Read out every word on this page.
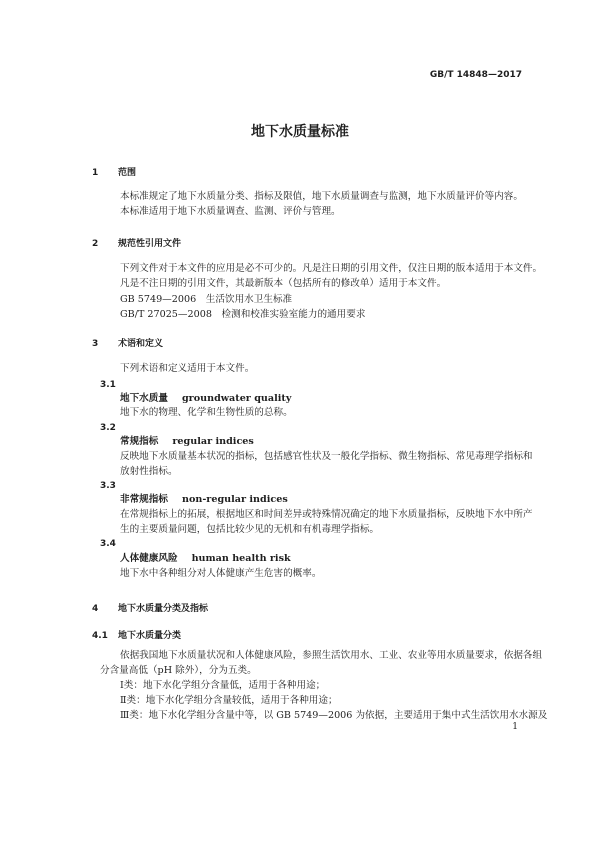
GB/T 14848—2017
地下水质量标准
1 范围
本标准规定了地下水质量分类、指标及限值，地下水质量调查与监测，地下水质量评价等内容。
本标准适用于地下水质量调查、监测、评价与管理。
2 规范性引用文件
下列文件对于本文件的应用是必不可少的。凡是注日期的引用文件，仅注日期的版本适用于本文件。
凡是不注日期的引用文件，其最新版本（包括所有的修改单）适用于本文件。
GB 5749—2006　生活饮用水卫生标准
GB/T 27025—2008　检测和校准实验室能力的通用要求
3 术语和定义
下列术语和定义适用于本文件。
3.1
地下水质量 groundwater quality
地下水的物理、化学和生物性质的总称。
3.2
常规指标 regular indices
反映地下水质量基本状况的指标，包括感官性状及一般化学指标、微生物指标、常见毒理学指标和
放射性指标。
3.3
非常规指标 non-regular indices
在常规指标上的拓展，根据地区和时间差异或特殊情况确定的地下水质量指标，反映地下水中所产
生的主要质量问题，包括比较少见的无机和有机毒理学指标。
3.4
人体健康风险 human health risk
地下水中各种组分对人体健康产生危害的概率。
4 地下水质量分类及指标
4.1 地下水质量分类
依据我国地下水质量状况和人体健康风险，参照生活饮用水、工业、农业等用水质量要求，依据各组
分含量高低（pH 除外），分为五类。
Ⅰ类：地下水化学组分含量低，适用于各种用途；
Ⅱ类：地下水化学组分含量较低，适用于各种用途；
Ⅲ类：地下水化学组分含量中等，以 GB 5749—2006 为依据，主要适用于集中式生活饮用水水源及
1
